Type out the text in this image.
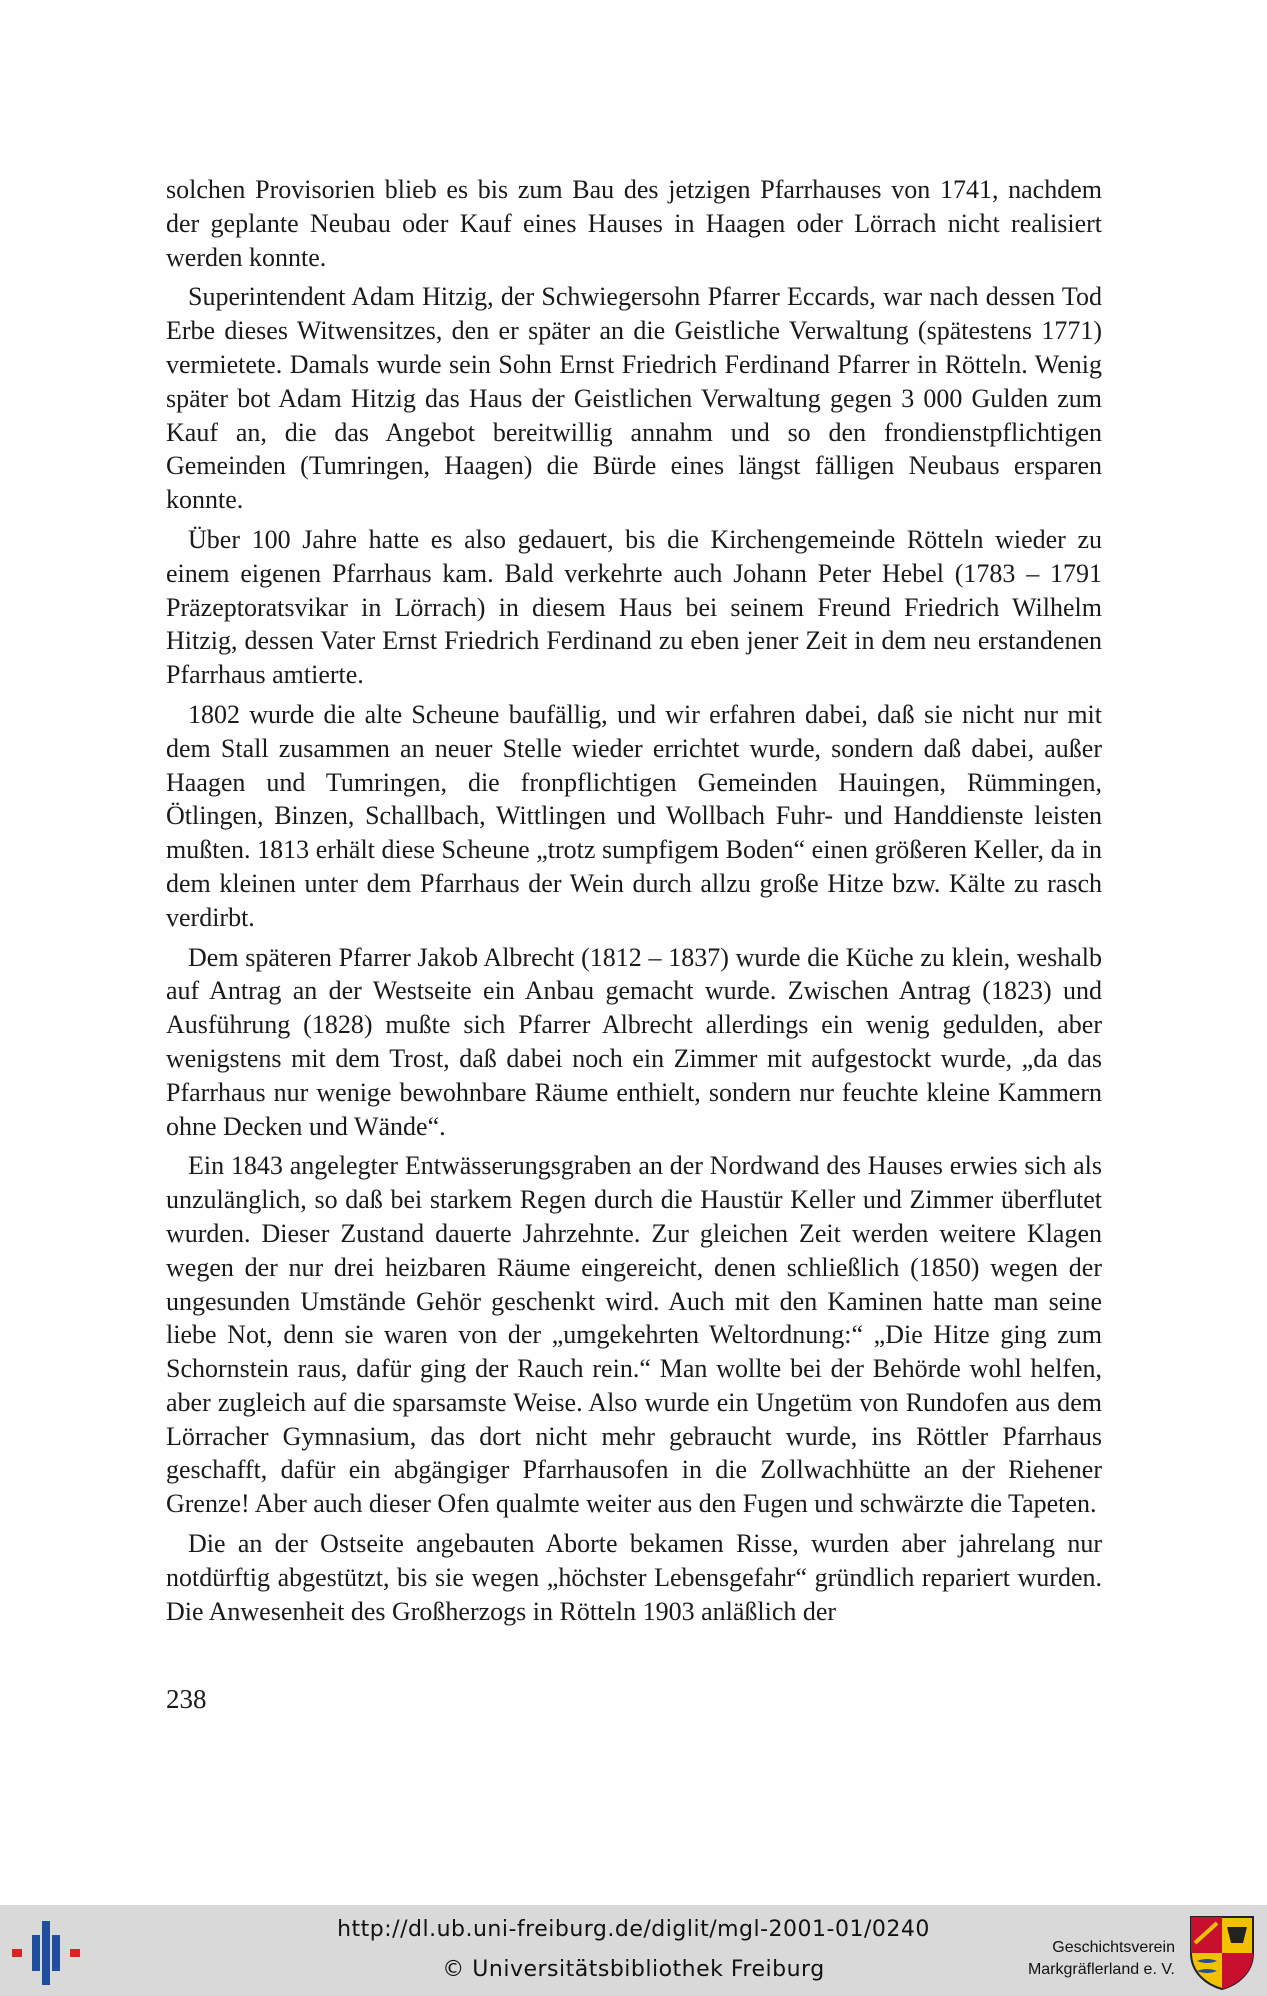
solchen Provisorien blieb es bis zum Bau des jetzigen Pfarrhauses von 1741, nachdem der geplante Neubau oder Kauf eines Hauses in Haagen oder Lörrach nicht realisiert werden konnte.

Superintendent Adam Hitzig, der Schwiegersohn Pfarrer Eccards, war nach dessen Tod Erbe dieses Witwensitzes, den er später an die Geistliche Verwaltung (spätestens 1771) vermietete. Damals wurde sein Sohn Ernst Friedrich Ferdinand Pfarrer in Rötteln. Wenig später bot Adam Hitzig das Haus der Geistlichen Verwaltung gegen 3 000 Gulden zum Kauf an, die das Angebot bereitwillig annahm und so den frondienstpflichtigen Gemeinden (Tumringen, Haagen) die Bürde eines längst fälligen Neubaus ersparen konnte.

Über 100 Jahre hatte es also gedauert, bis die Kirchengemeinde Rötteln wieder zu einem eigenen Pfarrhaus kam. Bald verkehrte auch Johann Peter Hebel (1783 – 1791 Präzeptoratsvikar in Lörrach) in diesem Haus bei seinem Freund Friedrich Wilhelm Hitzig, dessen Vater Ernst Friedrich Ferdinand zu eben jener Zeit in dem neu erstandenen Pfarrhaus amtierte.

1802 wurde die alte Scheune baufällig, und wir erfahren dabei, daß sie nicht nur mit dem Stall zusammen an neuer Stelle wieder errichtet wurde, sondern daß dabei, außer Haagen und Tumringen, die fronpflichtigen Gemeinden Hauingen, Rümmingen, Ötlingen, Binzen, Schallbach, Wittlingen und Wollbach Fuhr- und Handdienste leisten mußten. 1813 erhält diese Scheune „trotz sumpfigem Boden“ einen größeren Keller, da in dem kleinen unter dem Pfarrhaus der Wein durch allzu große Hitze bzw. Kälte zu rasch verdirbt.

Dem späteren Pfarrer Jakob Albrecht (1812 – 1837) wurde die Küche zu klein, weshalb auf Antrag an der Westseite ein Anbau gemacht wurde. Zwischen Antrag (1823) und Ausführung (1828) mußte sich Pfarrer Albrecht allerdings ein wenig gedulden, aber wenigstens mit dem Trost, daß dabei noch ein Zimmer mit aufgestockt wurde, „da das Pfarrhaus nur wenige bewohnbare Räume enthielt, sondern nur feuchte kleine Kammern ohne Decken und Wände“.

Ein 1843 angelegter Entwässerungsgraben an der Nordwand des Hauses erwies sich als unzulänglich, so daß bei starkem Regen durch die Haustür Keller und Zimmer überflutet wurden. Dieser Zustand dauerte Jahrzehnte. Zur gleichen Zeit werden weitere Klagen wegen der nur drei heizbaren Räume eingereicht, denen schließlich (1850) wegen der ungesunden Umstände Gehör geschenkt wird. Auch mit den Kaminen hatte man seine liebe Not, denn sie waren von der „umgekehrten Weltordnung:“ „Die Hitze ging zum Schornstein raus, dafür ging der Rauch rein.“ Man wollte bei der Behörde wohl helfen, aber zugleich auf die sparsamste Weise. Also wurde ein Ungetüm von Rundofen aus dem Lörracher Gymnasium, das dort nicht mehr gebraucht wurde, ins Röttler Pfarrhaus geschafft, dafür ein abgängiger Pfarrhausofen in die Zollwachhütte an der Riehener Grenze! Aber auch dieser Ofen qualmte weiter aus den Fugen und schwärzte die Tapeten.

Die an der Ostseite angebauten Aborte bekamen Risse, wurden aber jahrelang nur notdürftig abgestützt, bis sie wegen „höchster Lebensgefahr“ gründlich repariert wurden. Die Anwesenheit des Großherzogs in Rötteln 1903 anläßlich der

238
http://dl.ub.uni-freiburg.de/diglit/mgl-2001-01/0240
© Universitätsbibliothek Freiburg
Geschichtsverein
Markgräflerland e. V.
